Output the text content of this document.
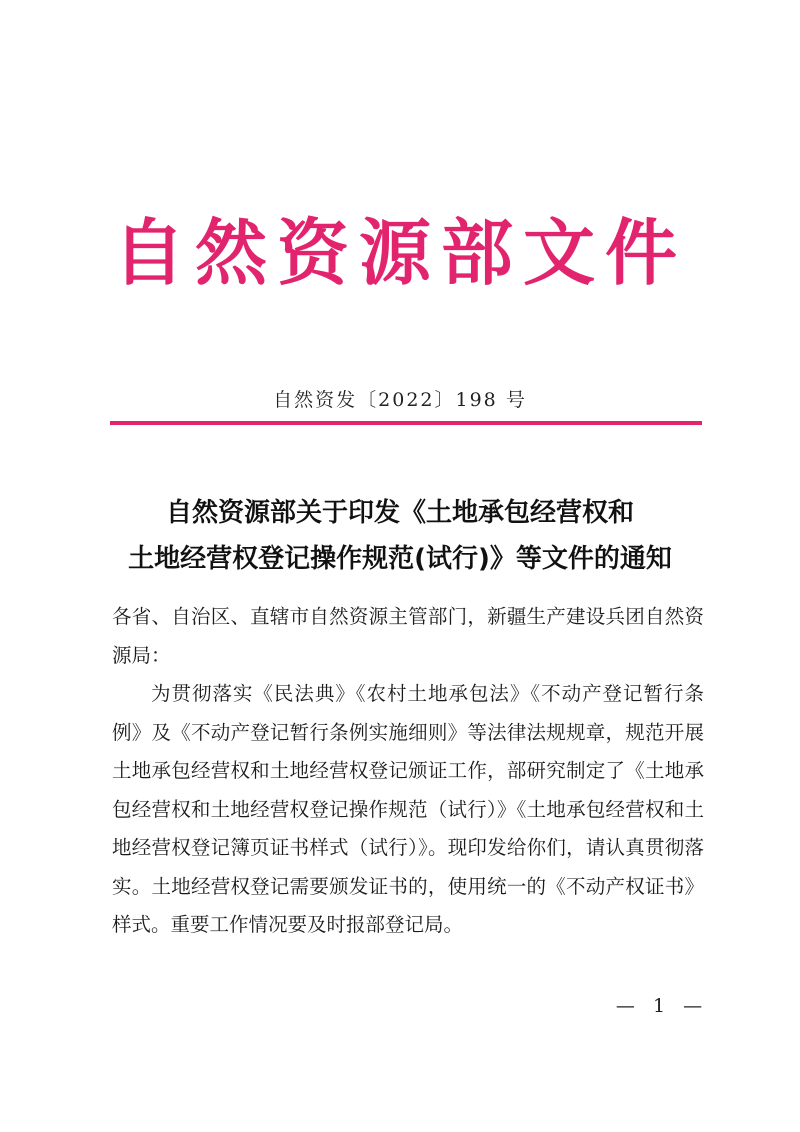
自然资源部文件
自然资发〔2022〕198 号
自然资源部关于印发《土地承包经营权和
土地经营权登记操作规范(试行)》等文件的通知

各省、自治区、直辖市自然资源主管部门，新疆生产建设兵团自然资源局：

为贯彻落实《民法典》《农村土地承包法》《不动产登记暂行条例》及《不动产登记暂行条例实施细则》等法律法规规章，规范开展土地承包经营权和土地经营权登记颁证工作，部研究制定了《土地承包经营权和土地经营权登记操作规范（试行）》《土地承包经营权和土地经营权登记簿页证书样式（试行）》。现印发给你们，请认真贯彻落实。土地经营权登记需要颁发证书的，使用统一的《不动产权证书》样式。重要工作情况要及时报部登记局。

— 1 —
